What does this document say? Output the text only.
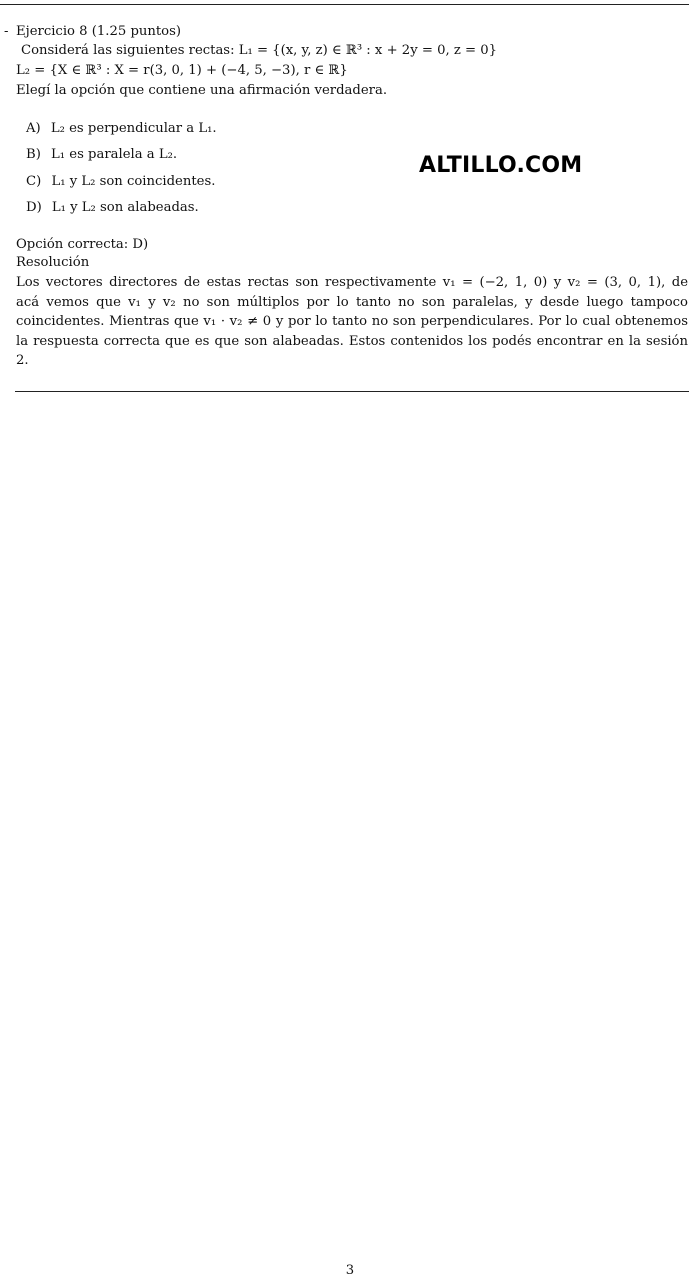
- Ejercicio 8 (1.25 puntos)
Considerá las siguientes rectas: L₁ = {(x, y, z) ∈ ℝ³ : x + 2y = 0, z = 0}
L₂ = {X ∈ ℝ³ : X = r(3, 0, 1) + (−4, 5, −3), r ∈ ℝ}
Elegí la opción que contiene una afirmación verdadera.
A) L₂ es perpendicular a L₁.
B) L₁ es paralela a L₂.
C) L₁ y L₂ son coincidentes.
D) L₁ y L₂ son alabeadas.
ALTILLO.COM
Opción correcta: D)
Resolución
Los vectores directores de estas rectas son respectivamente v₁ = (−2, 1, 0) y v₂ = (3, 0, 1), de
acá vemos que v₁ y v₂ no son múltiplos por lo tanto no son paralelas, y desde luego tampoco
coincidentes. Mientras que v₁ · v₂ ≠ 0 y por lo tanto no son perpendiculares. Por lo cual obtenemos
la respuesta correcta que es que son alabeadas. Estos contenidos los podés encontrar en la sesión
2.
3
